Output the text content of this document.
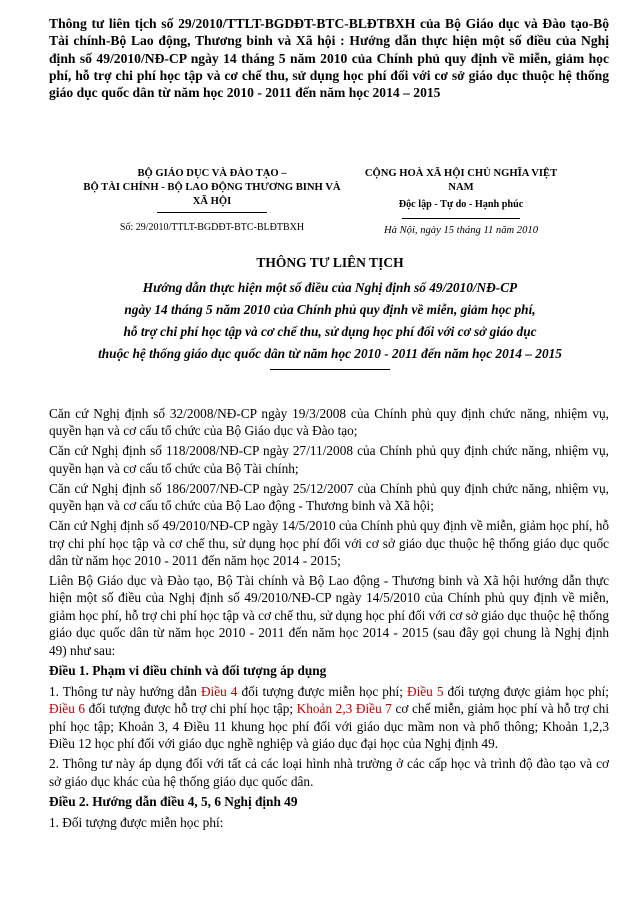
Thông tư liên tịch số 29/2010/TTLT-BGDĐT-BTC-BLĐTBXH của Bộ Giáo dục và Đào tạo-Bộ Tài chính-Bộ Lao động, Thương binh và Xã hội : Hướng dẫn thực hiện một số điều của Nghị định số 49/2010/NĐ-CP ngày 14 tháng 5 năm 2010 của Chính phủ quy định về miễn, giảm học phí, hỗ trợ chi phí học tập và cơ chế thu, sử dụng học phí đối với cơ sở giáo dục thuộc hệ thống giáo dục quốc dân từ năm học 2010 - 2011 đến năm học 2014 – 2015
BỘ GIÁO DỤC VÀ ĐÀO TẠO –
BỘ TÀI CHÍNH - BỘ LAO ĐỘNG THƯƠNG BINH VÀ XÃ HỘI
Số: 29/2010/TTLT-BGDĐT-BTC-BLĐTBXH
CỘNG HOÀ XÃ HỘI CHỦ NGHĨA VIỆT NAM
Độc lập - Tự do - Hạnh phúc
Hà Nội, ngày 15 tháng 11 năm 2010
THÔNG TƯ LIÊN TỊCH
Hướng dẫn thực hiện một số điều của Nghị định số 49/2010/NĐ-CP
ngày 14 tháng 5 năm 2010 của Chính phủ quy định về miễn, giảm học phí,
hỗ trợ chi phí học tập và cơ chế thu, sử dụng học phí đối với cơ sở giáo dục
thuộc hệ thống giáo dục quốc dân từ năm học 2010 - 2011 đến năm học 2014 – 2015

Căn cứ Nghị định số 32/2008/NĐ-CP ngày 19/3/2008 của Chính phủ quy định chức năng, nhiệm vụ, quyền hạn và cơ cấu tổ chức của Bộ Giáo dục và Đào tạo;

Căn cứ Nghị định số 118/2008/NĐ-CP ngày 27/11/2008 của Chính phủ quy định chức năng, nhiệm vụ, quyền hạn và cơ cấu tổ chức của Bộ Tài chính;

Căn cứ Nghị định số 186/2007/NĐ-CP ngày 25/12/2007 của Chính phủ quy định chức năng, nhiệm vụ, quyền hạn và cơ cấu tổ chức của Bộ Lao động - Thương binh và Xã hội;

Căn cứ Nghị định số 49/2010/NĐ-CP ngày 14/5/2010 của Chính phủ quy định về miễn, giảm học phí, hỗ trợ chi phí học tập và cơ chế thu, sử dụng học phí đối với cơ sở giáo dục thuộc hệ thống giáo dục quốc dân từ năm học 2010 - 2011 đến năm học 2014 - 2015;

Liên Bộ Giáo dục và Đào tạo, Bộ Tài chính và Bộ Lao động - Thương binh và Xã hội hướng dẫn thực hiện một số điều của Nghị định số 49/2010/NĐ-CP ngày 14/5/2010 của Chính phủ quy định về miễn, giảm học phí, hỗ trợ chi phí học tập và cơ chế thu, sử dụng học phí đối với cơ sở giáo dục thuộc hệ thống giáo dục quốc dân từ năm học 2010 - 2011 đến năm học 2014 - 2015 (sau đây gọi chung là Nghị định 49) như sau:

Điều 1. Phạm vi điều chỉnh và đối tượng áp dụng

1. Thông tư này hướng dẫn Điều 4 đối tượng được miễn học phí; Điều 5 đối tượng được giảm học phí; Điều 6 đối tượng được hỗ trợ chi phí học tập; Khoản 2,3 Điều 7 cơ chế miễn, giảm học phí và hỗ trợ chi phí học tập; Khoản 3, 4 Điều 11 khung học phí đối với giáo dục mầm non và phổ thông; Khoản 1,2,3 Điều 12 học phí đối với giáo dục nghề nghiệp và giáo dục đại học của Nghị định 49.

2. Thông tư này áp dụng đối với tất cả các loại hình nhà trường ở các cấp học và trình độ đào tạo và cơ sở giáo dục khác của hệ thống giáo dục quốc dân.

Điều 2. Hướng dẫn điều 4, 5, 6 Nghị định 49

1. Đối tượng được miễn học phí:
